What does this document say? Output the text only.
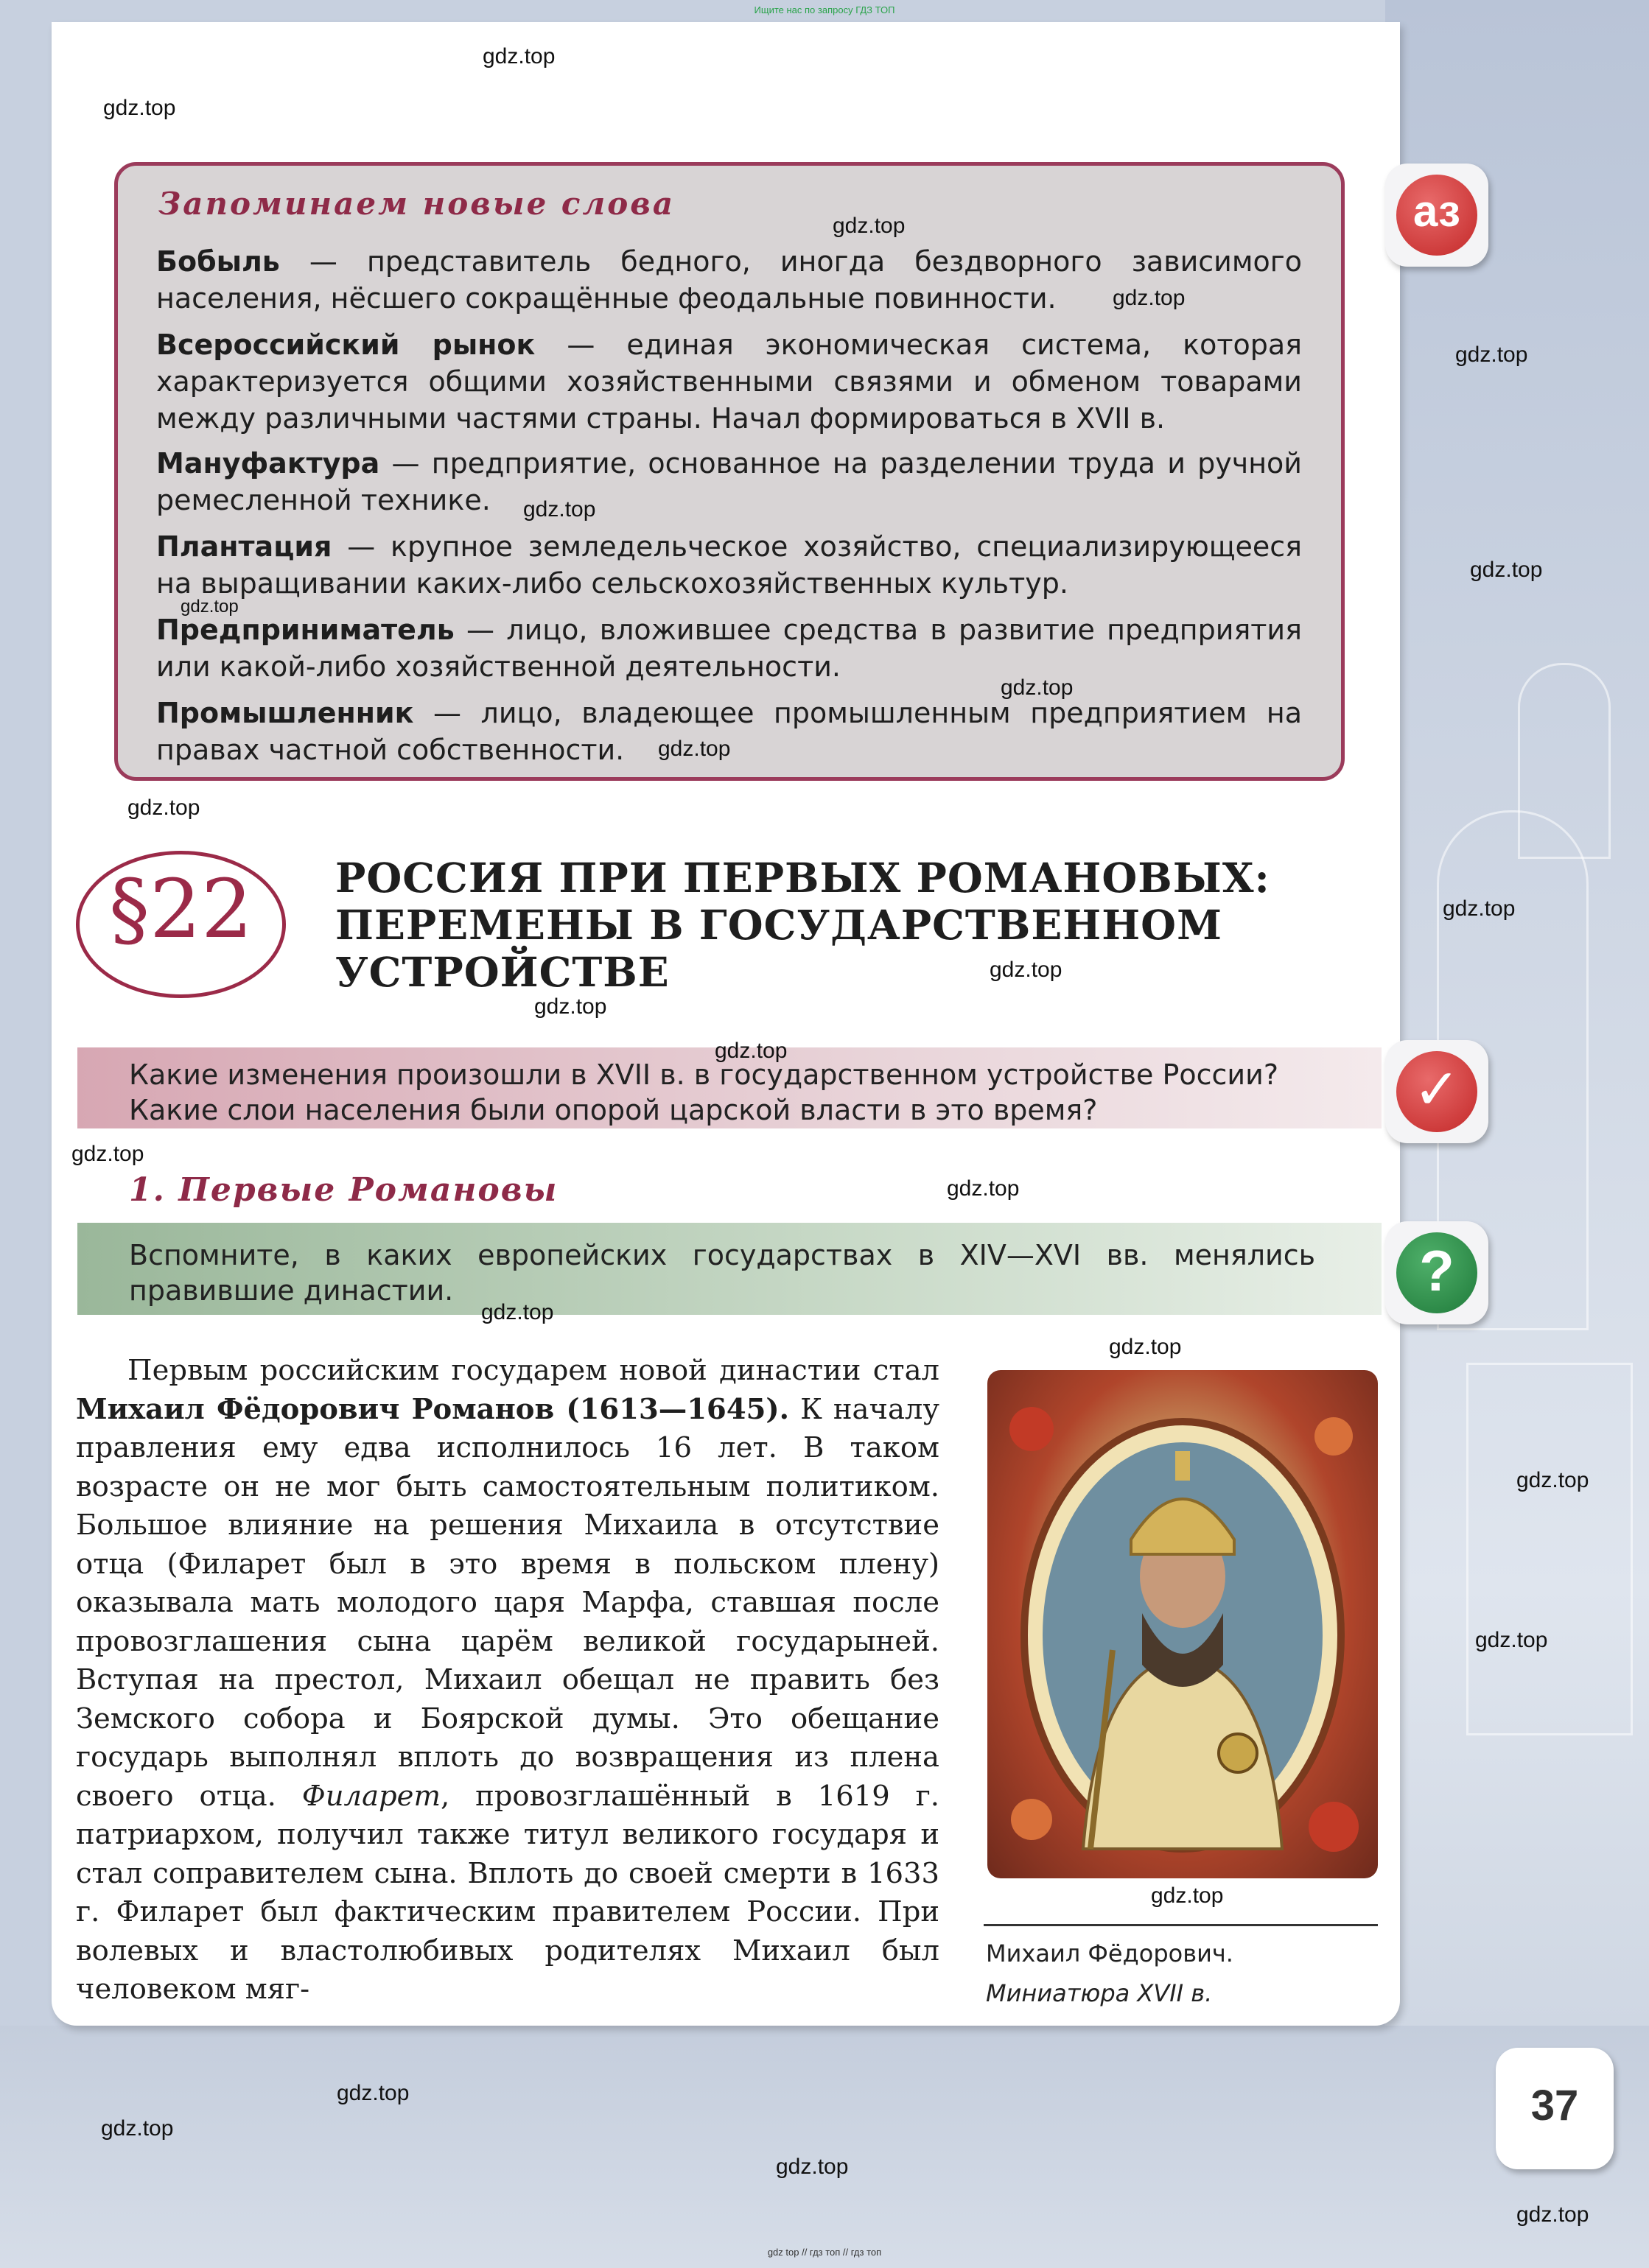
Ищите нас по запросу ГДЗ ТОП
Запоминаем новые слова
Бобыль — представитель бедного, иногда бездворного зависимого населения, нёсшего сокращённые феодальные повинности.
Всероссийский рынок — единая экономическая система, которая характеризуется общими хозяйственными связями и обменом товарами между различными частями страны. Начал формироваться в XVII в.
Мануфактура — предприятие, основанное на разделении труда и ручной ремесленной технике.
Плантация — крупное земледельческое хозяйство, специализирующееся на выращивании каких-либо сельскохозяйственных культур.
Предприниматель — лицо, вложившее средства в развитие предприятия или какой-либо хозяйственной деятельности.
Промышленник — лицо, владеющее промышленным предприятием на правах частной собственности.
аз
✓
?
§22	РОССИЯ ПРИ ПЕРВЫХ РОМАНОВЫХ:
ПЕРЕМЕНЫ В ГОСУДАРСТВЕННОМ
УСТРОЙСТВЕ
Какие изменения произошли в XVII в. в государственном устройстве России?
Какие слои населения были опорой царской власти в это время?
1. Первые Романовы
Вспомните, в каких европейских государствах в XIV—XVI вв. менялись правившие династии.
Первым российским государем новой династии стал Михаил Фёдорович Романов (1613—1645). К началу правления ему едва исполнилось 16 лет. В таком возрасте он не мог быть самостоятельным политиком. Большое влияние на решения Михаила в отсутствие отца (Филарет был в это время в польском плену) оказывала мать молодого царя Марфа, ставшая после провозглашения сына царём великой государыней. Вступая на престол, Михаил обещал не править без Земского собора и Боярской думы. Это обещание государь выполнял вплоть до возвращения из плена своего отца. Филарет, провозглашённый в 1619 г. патриархом, получил также титул великого государя и стал соправителем сына. Вплоть до своей смерти в 1633 г. Филарет был фактическим правителем России. При волевых и властолюбивых родителях Михаил был человеком мяг-
Михаил Фёдорович.
Миниатюра XVII в.
37
gdz.top
gdz.top
gdz.top
gdz.top
gdz.top
gdz.top
gdz.top
gdz.top
gdz.top
gdz.top
gdz.top
gdz.top
gdz.top
gdz.top
gdz.top
gdz.top
gdz.top
gdz.top
gdz.top
gdz.top
gdz.top
gdz.top
gdz.top
gdz.top
gdz.top
gdz.top
gdz top // гдз топ // гдз топ
